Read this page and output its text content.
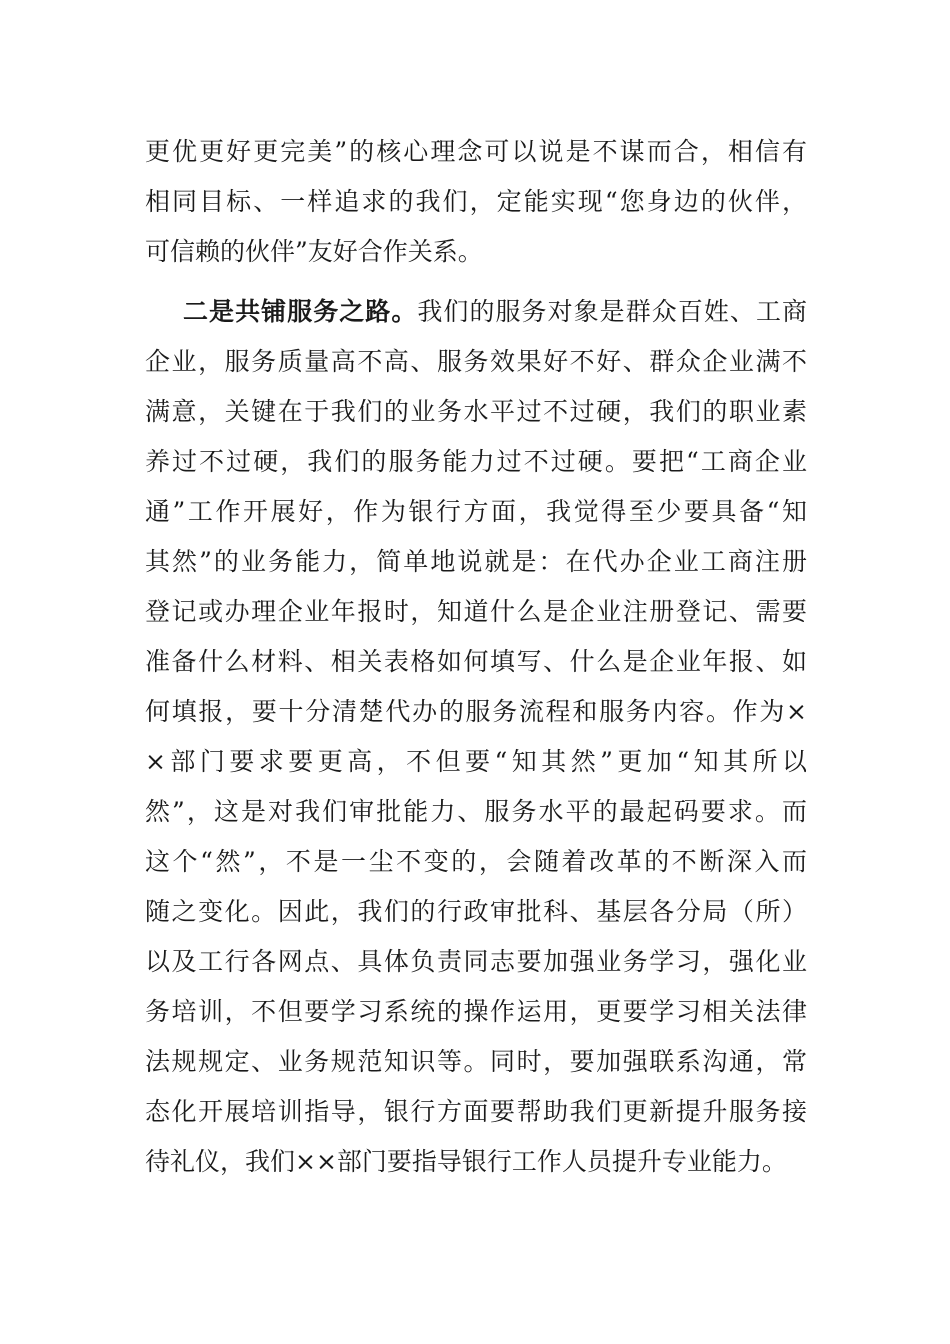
更优更好更完美”的核心理念可以说是不谋而合，相信有
相同目标、一样追求的我们，定能实现“您身边的伙伴，
可信赖的伙伴”友好合作关系。
二是共铺服务之路。我们的服务对象是群众百姓、工商
企业，服务质量高不高、服务效果好不好、群众企业满不
满意，关键在于我们的业务水平过不过硬，我们的职业素
养过不过硬，我们的服务能力过不过硬。要把“工商企业
通”工作开展好，作为银行方面，我觉得至少要具备“知
其然”的业务能力，简单地说就是：在代办企业工商注册
登记或办理企业年报时，知道什么是企业注册登记、需要
准备什么材料、相关表格如何填写、什么是企业年报、如
何填报，要十分清楚代办的服务流程和服务内容。作为×
×部门要求要更高，不但要“知其然”更加“知其所以
然”，这是对我们审批能力、服务水平的最起码要求。而
这个“然”，不是一尘不变的，会随着改革的不断深入而
随之变化。因此，我们的行政审批科、基层各分局（所）
以及工行各网点、具体负责同志要加强业务学习，强化业
务培训，不但要学习系统的操作运用，更要学习相关法律
法规规定、业务规范知识等。同时，要加强联系沟通，常
态化开展培训指导，银行方面要帮助我们更新提升服务接
待礼仪，我们××部门要指导银行工作人员提升专业能力。
